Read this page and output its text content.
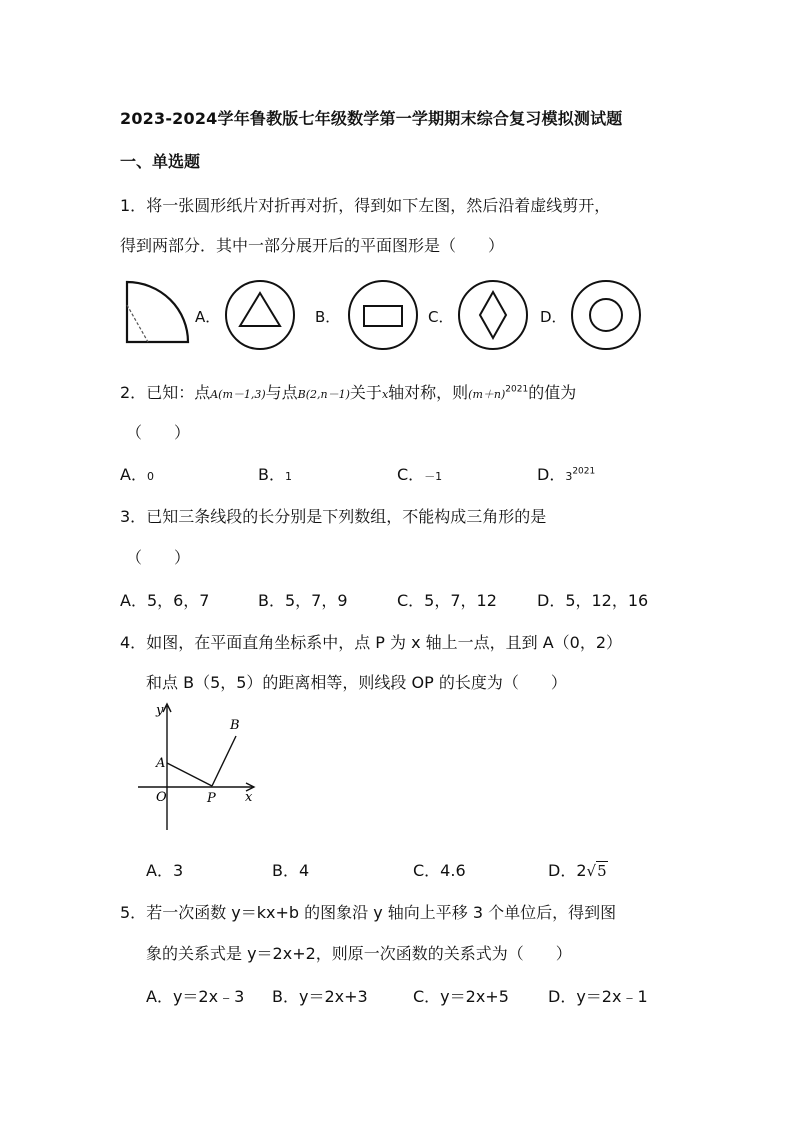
2023-2024学年鲁教版七年级数学第一学期期末综合复习模拟测试题
一、单选题
1．将一张圆形纸片对折再对折，得到如下左图，然后沿着虚线剪开，
得到两部分．其中一部分展开后的平面图形是（　　）
A．	B．	C．	D．
2．已知：点A(m－1,3)与点B(2,n－1)关于x轴对称，则$(m+n)^{2021}$的值为
（　　）
A．0	B．1	C．－1	D．$3^{2021}$
3．已知三条线段的长分别是下列数组，不能构成三角形的是
（　　）
A．5，6，7	B．5，7，9	C．5，7，12	D．5，12，16
4．如图，在平面直角坐标系中，点 P 为 x 轴上一点，且到 A（0，2）
和点 B（5，5）的距离相等，则线段 OP 的长度为（　　）
y
x
A
B
O	P
A．3	B．4	C．4.6	D．2√5
5．若一次函数 y＝kx+b 的图象沿 y 轴向上平移 3 个单位后，得到图
象的关系式是 y＝2x+2，则原一次函数的关系式为（　　）
A．y＝2x﹣3 B．y＝2x+3	C．y＝2x+5 D．y＝2x﹣1
